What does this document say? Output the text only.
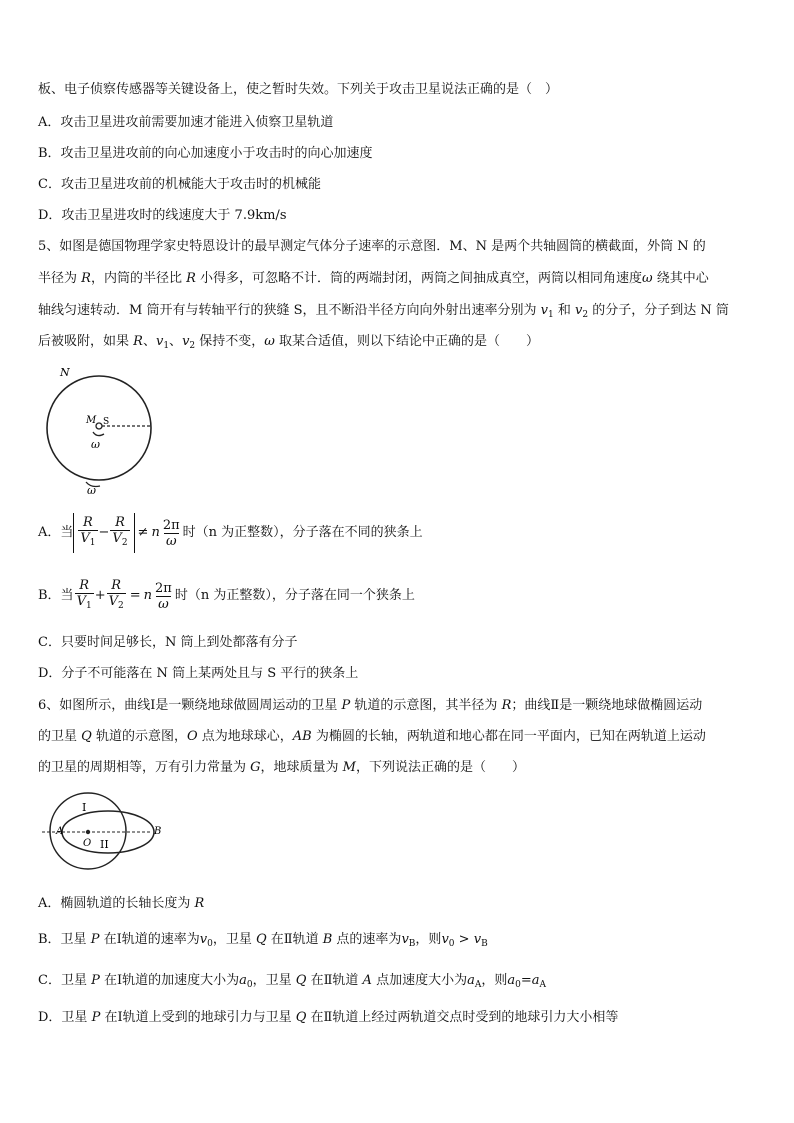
板、电子侦察传感器等关键设备上，使之暂时失效。下列关于攻击卫星说法正确的是（　）
A．攻击卫星进攻前需要加速才能进入侦察卫星轨道
B．攻击卫星进攻前的向心加速度小于攻击时的向心加速度
C．攻击卫星进攻前的机械能大于攻击时的机械能
D．攻击卫星进攻时的线速度大于 7.9km/s
5、如图是德国物理学家史特恩设计的最早测定气体分子速率的示意图．M、N 是两个共轴圆筒的横截面，外筒 N 的
半径为 R，内筒的半径比 R 小得多，可忽略不计．筒的两端封闭，两筒之间抽成真空，两筒以相同角速度ω 绕其中心
轴线匀速转动．M 筒开有与转轴平行的狭缝 S，且不断沿半径方向向外射出速率分别为 $v_1$ 和 $v_2$ 的分子，分子到达 N 筒
后被吸附，如果 R、$v_1$、$v_2$ 保持不变，ω 取某合适值，则以下结论中正确的是（　　）
N
M S
ω
ω
A．当 $\frac{R}{V_1} - \frac{R}{V_2} \ne n \frac{2\pi}{\omega}$ 时（n 为正整数），分子落在不同的狭条上
B．当 $\frac{R}{V_1} + \frac{R}{V_2} = n \frac{2\pi}{\omega}$ 时（n 为正整数），分子落在同一个狭条上
C．只要时间足够长，N 筒上到处都落有分子
D．分子不可能落在 N 筒上某两处且与 S 平行的狭条上
6、如图所示，曲线Ⅰ是一颗绕地球做圆周运动的卫星 P 轨道的示意图，其半径为 R；曲线Ⅱ是一颗绕地球做椭圆运动
的卫星 Q 轨道的示意图，O 点为地球球心，AB 为椭圆的长轴，两轨道和地心都在同一平面内，已知在两轨道上运动
的卫星的周期相等，万有引力常量为 G，地球质量为 M，下列说法正确的是（　　）
I
II
A	B
O
A．椭圆轨道的长轴长度为 R
B．卫星 P 在Ⅰ轨道的速率为$v_0$，卫星 Q 在Ⅱ轨道 B 点的速率为$v_B$，则$v_0 > v_B$
C．卫星 P 在Ⅰ轨道的加速度大小为$a_0$，卫星 Q 在Ⅱ轨道 A 点加速度大小为$a_A$，则$a_0=a_A$
D．卫星 P 在Ⅰ轨道上受到的地球引力与卫星 Q 在Ⅱ轨道上经过两轨道交点时受到的地球引力大小相等
